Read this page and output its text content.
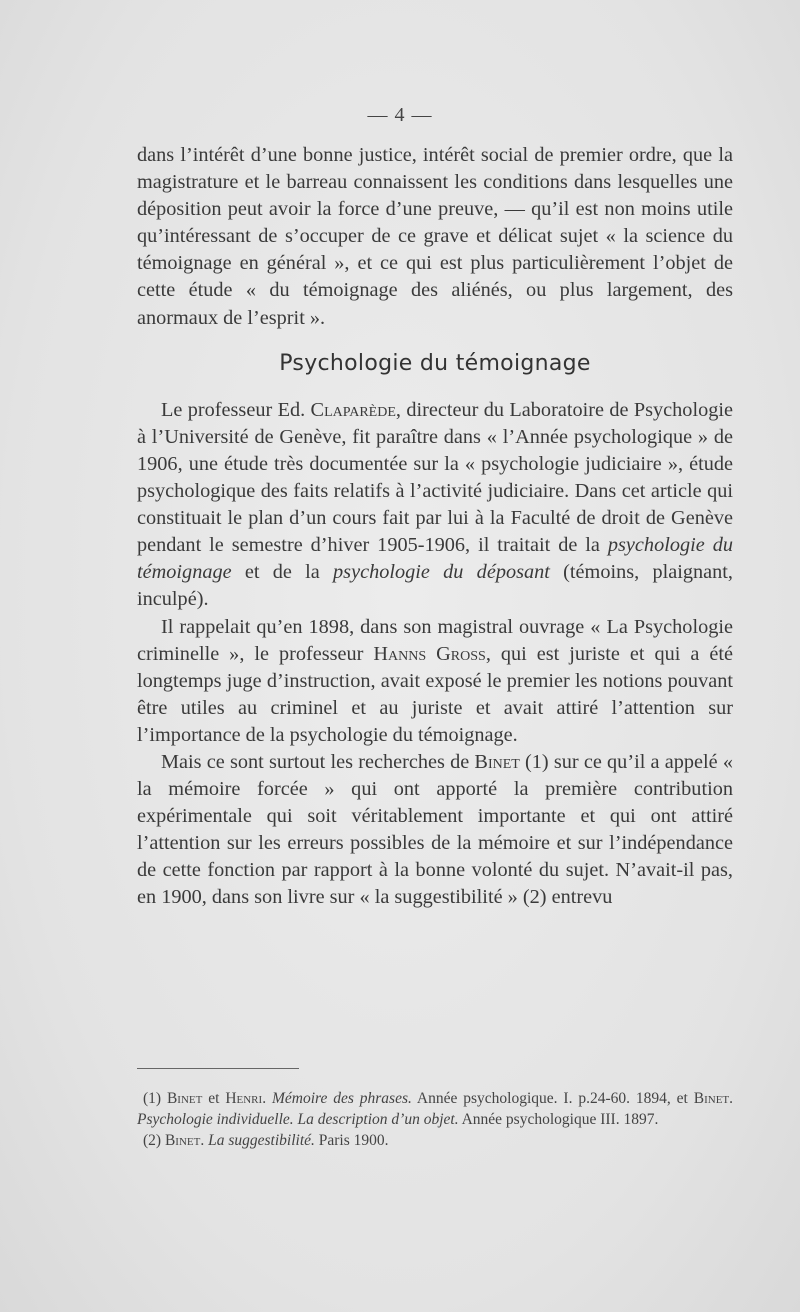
— 4 —

dans l’intérêt d’une bonne justice, intérêt social de premier ordre, que la magistrature et le barreau connaissent les conditions dans lesquelles une déposition peut avoir la force d’une preuve, — qu’il est non moins utile qu’intéressant de s’occuper de ce grave et délicat sujet « la science du témoignage en général », et ce qui est plus particulièrement l’objet de cette étude « du témoignage des aliénés, ou plus largement, des anormaux de l’esprit ».

Psychologie du témoignage

Le professeur Ed. Claparède, directeur du Laboratoire de Psychologie à l’Université de Genève, fit paraître dans « l’Année psychologique » de 1906, une étude très documentée sur la « psychologie judiciaire », étude psychologique des faits relatifs à l’activité judiciaire. Dans cet article qui constituait le plan d’un cours fait par lui à la Faculté de droit de Genève pendant le semestre d’hiver 1905-1906, il traitait de la psychologie du témoignage et de la psychologie du déposant (témoins, plaignant, inculpé).

Il rappelait qu’en 1898, dans son magistral ouvrage « La Psychologie criminelle », le professeur Hanns Gross, qui est juriste et qui a été longtemps juge d’instruction, avait exposé le premier les notions pouvant être utiles au criminel et au juriste et avait attiré l’attention sur l’importance de la psychologie du témoignage.

Mais ce sont surtout les recherches de Binet (1) sur ce qu’il a appelé « la mémoire forcée » qui ont apporté la première contribution expérimentale qui soit véritablement importante et qui ont attiré l’attention sur les erreurs possibles de la mémoire et sur l’indépendance de cette fonction par rapport à la bonne volonté du sujet. N’avait-il pas, en 1900, dans son livre sur « la suggestibilité » (2) entrevu

(1) Binet et Henri. Mémoire des phrases. Année psychologique. I. p.24-60. 1894, et Binet. Psychologie individuelle. La description d’un objet. Année psychologique III. 1897.

(2) Binet. La suggestibilité. Paris 1900.
